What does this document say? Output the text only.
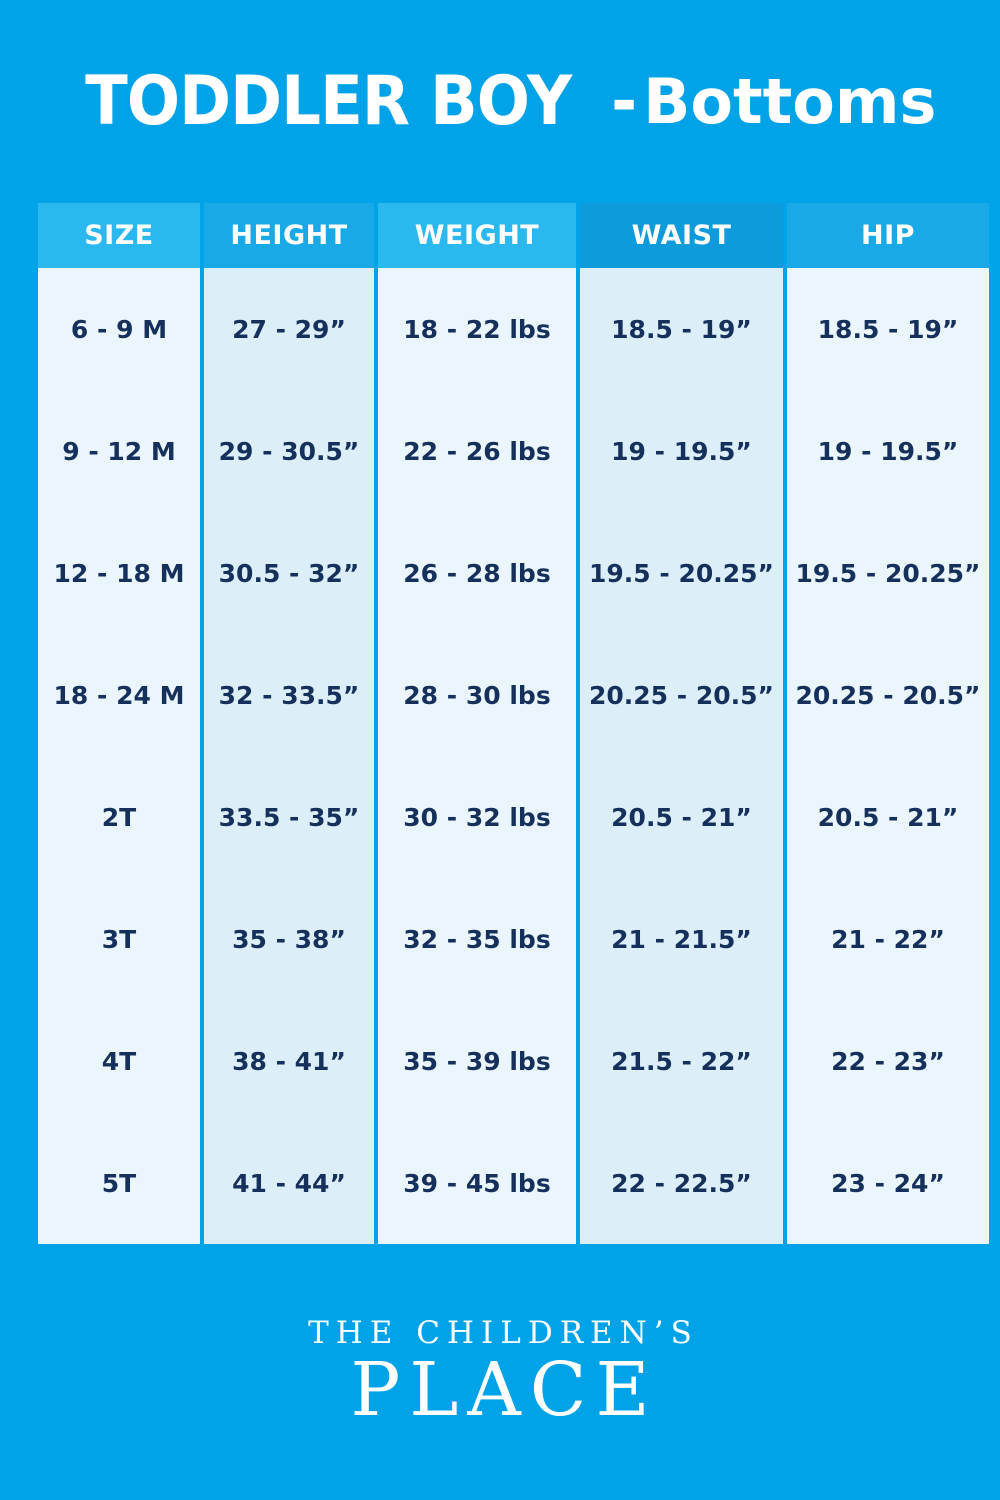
TODDLER BOY - Bottoms
SIZE	HEIGHT	WEIGHT	WAIST	HIP
6 - 9 M	27 - 29”	18 - 22 lbs	18.5 - 19”	18.5 - 19”
9 - 12 M	29 - 30.5”	22 - 26 lbs	19 - 19.5”	19 - 19.5”
12 - 18 M	30.5 - 32”	26 - 28 lbs	19.5 - 20.25”	19.5 - 20.25”
18 - 24 M	32 - 33.5”	28 - 30 lbs	20.25 - 20.5”	20.25 - 20.5”
2T	33.5 - 35”	30 - 32 lbs	20.5 - 21”	20.5 - 21”
3T	35 - 38”	32 - 35 lbs	21 - 21.5”	21 - 22”
4T	38 - 41”	35 - 39 lbs	21.5 - 22”	22 - 23”
5T	41 - 44”	39 - 45 lbs	22 - 22.5”	23 - 24”
THE CHILDREN’S
PLACE
